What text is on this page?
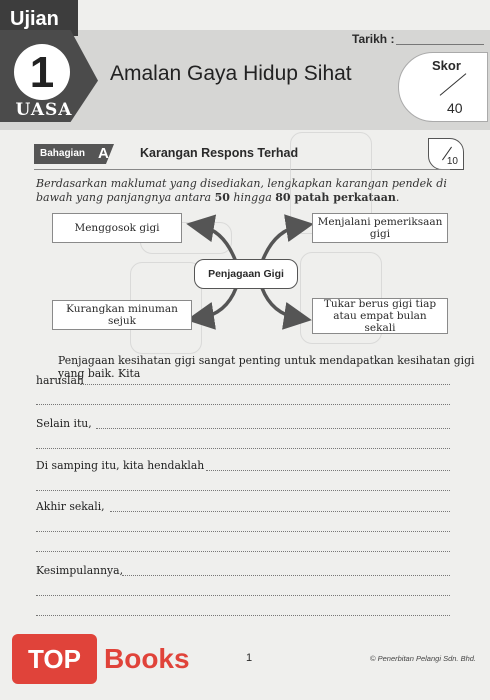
Ujian
1
UASA
Amalan Gaya Hidup Sihat
Tarikh :
Skor
40
Bahagian A Karangan Respons Terhad
10
Berdasarkan maklumat yang disediakan, lengkapkan karangan pendek di bawah yang panjangnya antara 50 hingga 80 patah perkataan.
Menggosok gigi	Menjalani pemeriksaan gigi
Penjagaan Gigi
Kurangkan minuman sejuk
Tukar berus gigi tiap atau empat bulan sekali
Penjagaan kesihatan gigi sangat penting untuk mendapatkan kesihatan gigi yang baik. Kita
haruslah
Selain itu,
Di samping itu, kita hendaklah
Akhir sekali,
Kesimpulannya,
TOP Books	1	© Penerbitan Pelangi Sdn. Bhd.
